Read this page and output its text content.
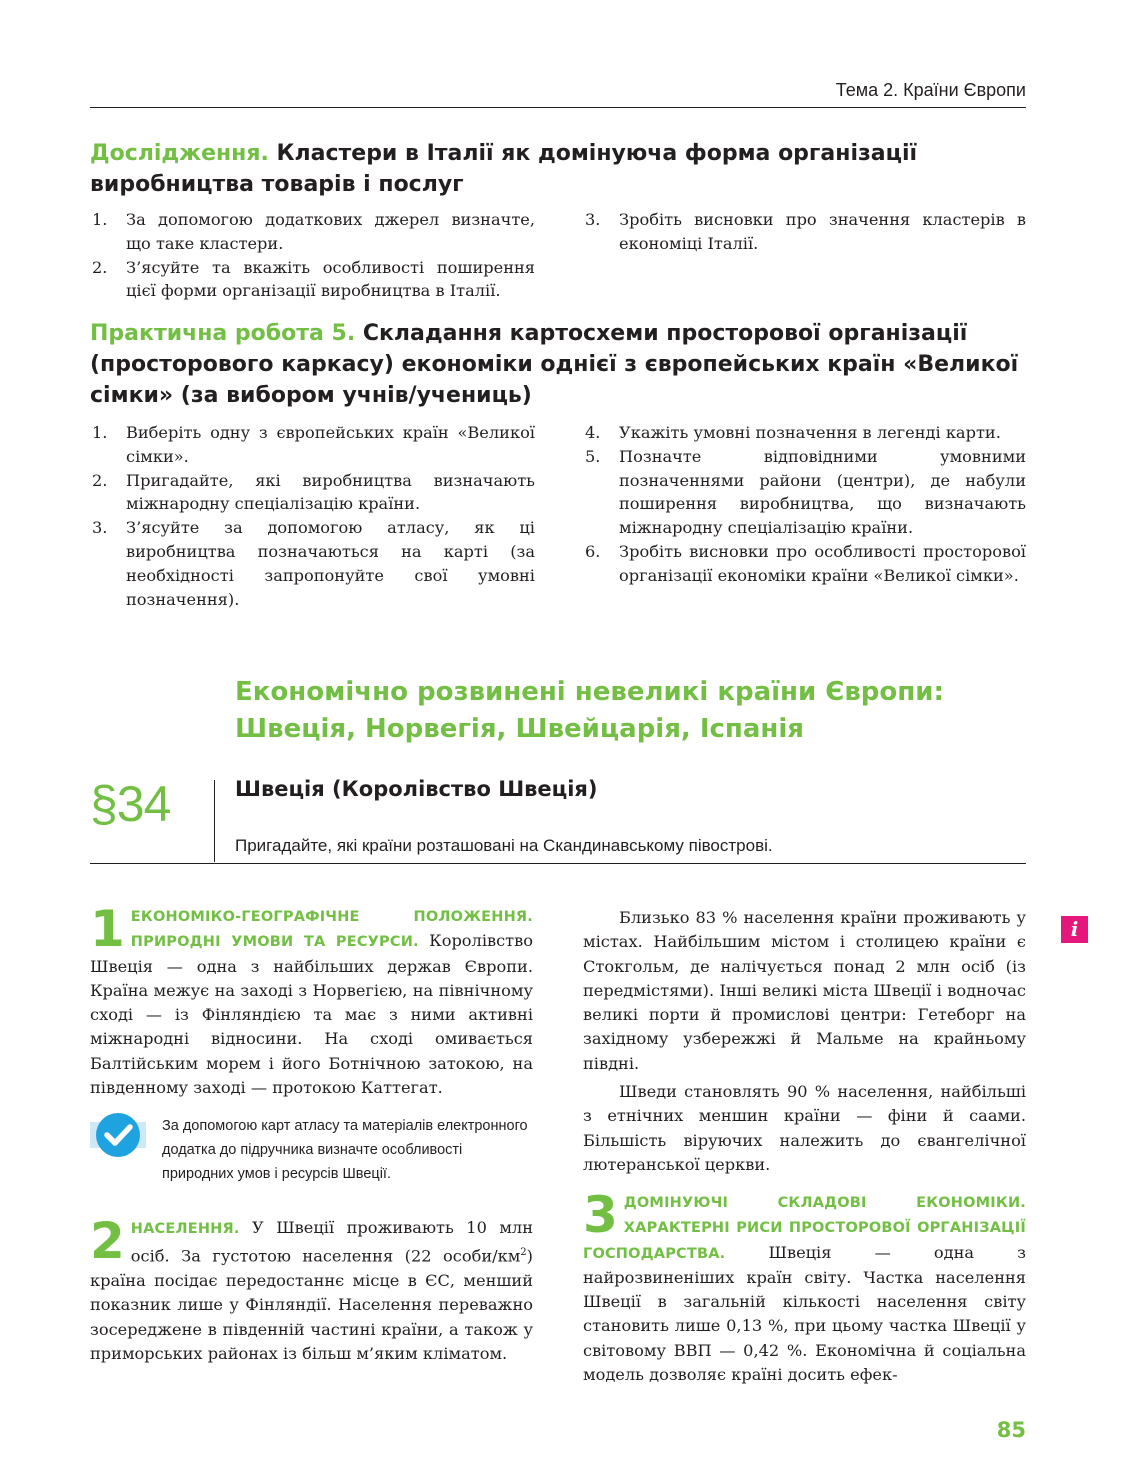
Тема 2. Країни Європи
Дослідження. Кластери в Італії як домінуюча форма організації виробництва товарів і послуг
1. За допомогою додаткових джерел визначте, що таке кластери.
2. З’ясуйте та вкажіть особливості поширення цієї форми організації виробництва в Італії.
3. Зробіть висновки про значення кластерів в економіці Італії.
Практична робота 5. Складання картосхеми просторової організації (просторового каркасу) економіки однієї з європейських країн «Великої сімки» (за вибором учнів/учениць)
1. Виберіть одну з європейських країн «Великої сімки».
2. Пригадайте, які виробництва визначають міжнародну спеціалізацію країни.
3. З’ясуйте за допомогою атласу, як ці виробництва позначаються на карті (за необхідності запропонуйте свої умовні позначення).
4. Укажіть умовні позначення в легенді карти.
5. Позначте відповідними умовними позначеннями райони (центри), де набули поширення виробництва, що визначають міжнародну спеціалізацію країни.
6. Зробіть висновки про особливості просторової організації економіки країни «Великої сімки».
Економічно розвинені невеликі країни Європи:
Швеція, Норвегія, Швейцарія, Іспанія
§34	Швеція (Королівство Швеція)
Пригадайте, які країни розташовані на Скандинавському півострові.
1 ЕКОНОМІКО-ГЕОГРАФІЧНЕ ПОЛОЖЕННЯ. ПРИРОДНІ УМОВИ ТА РЕСУРСИ. Королівство Швеція — одна з найбільших держав Європи. Країна межує на заході з Норвегією, на північному сході — із Фінляндією та має з ними активні міжнародні відносини. На сході омивається Балтійським морем і його Ботнічною затокою, на південному заході — протокою Каттегат.
За допомогою карт атласу та матеріалів електронного додатка до підручника визначте особливості природних умов і ресурсів Швеції.
2 НАСЕЛЕННЯ. У Швеції проживають 10 млн осіб. За густотою населення (22 особи/$км^2$) країна посідає передостаннє місце в ЄС, менший показник лише у Фінляндії. Населення переважно зосереджене в південній частині країни, а також у приморських районах із більш м’яким кліматом.

Близько 83 % населення країни проживають у містах. Найбільшим містом і столицею країни є Стокгольм, де налічується понад 2 млн осіб (із передмістями). Інші великі міста Швеції і водночас великі порти й промислові центри: Гетеборг на західному узбережжі й Мальме на крайньому півдні.

Шведи становлять 90 % населення, найбільші з етнічних меншин країни — фіни й саами. Більшість віруючих належить до євангелічної лютеранської церкви.

3 ДОМІНУЮЧІ СКЛАДОВІ ЕКОНОМІКИ. ХАРАКТЕРНІ РИСИ ПРОСТОРОВОЇ ОРГАНІЗАЦІЇ ГОСПОДАРСТВА. Швеція — одна з найрозвиненіших країн світу. Частка населення Швеції в загальній кількості населення світу становить лише 0,13 %, при цьому частка Швеції у світовому ВВП — 0,42 %. Економічна й соціальна модель дозволяє країні досить ефек-
i
85
